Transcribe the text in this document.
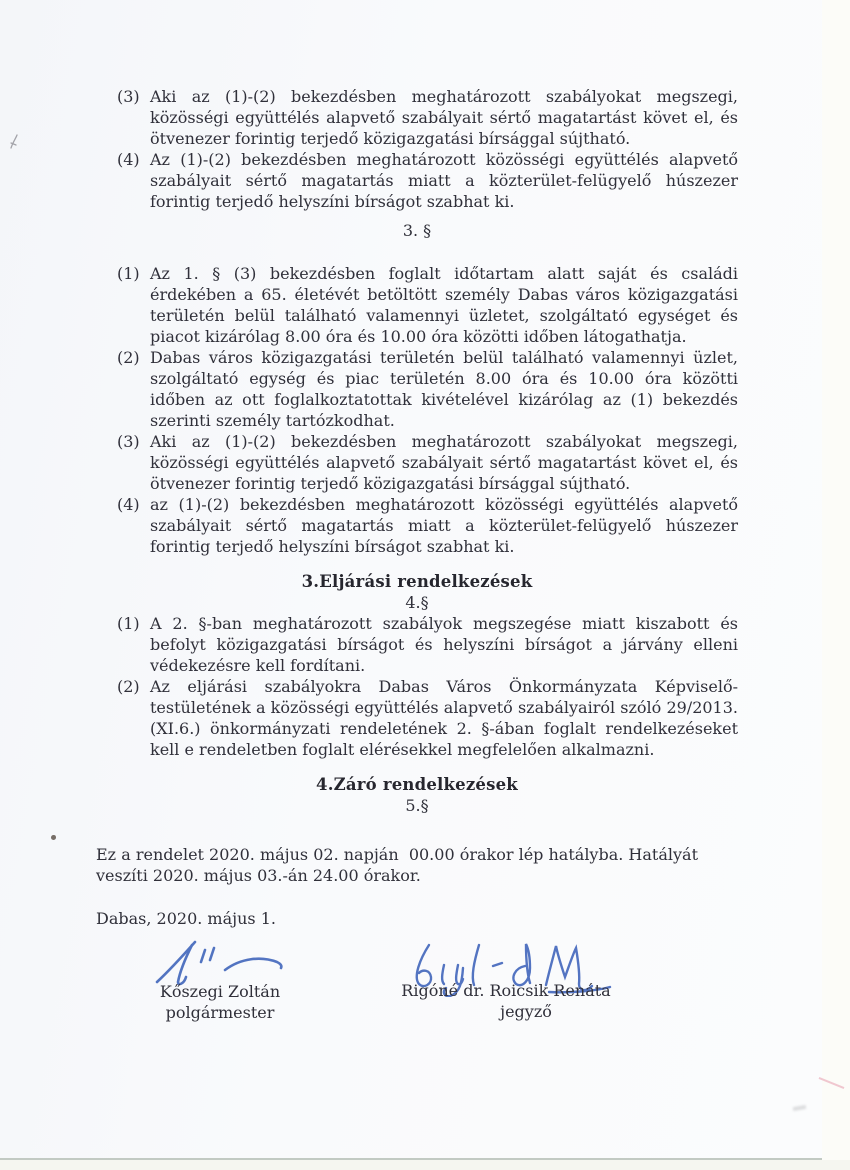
(3) Aki az (1)-(2) bekezdésben meghatározott szabályokat megszegi, közösségi együttélés alapvető szabályait sértő magatartást követ el, és ötvenezer forintig terjedő közigazgatási bírsággal sújtható.
(4) Az (1)-(2) bekezdésben meghatározott közösségi együttélés alapvető szabályait sértő magatartás miatt a közterület-felügyelő húszezer forintig terjedő helyszíni bírságot szabhat ki.
3. §
(1) Az 1. § (3) bekezdésben foglalt időtartam alatt saját és családi érdekében a 65. életévét betöltött személy Dabas város közigazgatási területén belül található valamennyi üzletet, szolgáltató egységet és piacot kizárólag 8.00 óra és 10.00 óra közötti időben látogathatja.
(2) Dabas város közigazgatási területén belül található valamennyi üzlet, szolgáltató egység és piac területén 8.00 óra és 10.00 óra közötti időben az ott foglalkoztatottak kivételével kizárólag az (1) bekezdés szerinti személy tartózkodhat.
(3) Aki az (1)-(2) bekezdésben meghatározott szabályokat megszegi, közösségi együttélés alapvető szabályait sértő magatartást követ el, és ötvenezer forintig terjedő közigazgatási bírsággal sújtható.
(4) az (1)-(2) bekezdésben meghatározott közösségi együttélés alapvető szabályait sértő magatartás miatt a közterület-felügyelő húszezer forintig terjedő helyszíni bírságot szabhat ki.
3.Eljárási rendelkezések
4.§
(1) A 2. §-ban meghatározott szabályok megszegése miatt kiszabott és befolyt közigazgatási bírságot és helyszíni bírságot a járvány elleni védekezésre kell fordítani.
(2) Az eljárási szabályokra Dabas Város Önkormányzata Képviselő-testületének a közösségi együttélés alapvető szabályairól szóló 29/2013. (XI.6.) önkormányzati rendeletének 2. §-ában foglalt rendelkezéseket kell e rendeletben foglalt elérésekkel megfelelően alkalmazni.
4.Záró rendelkezések
5.§
Ez a rendelet 2020. május 02. napján  00.00 órakor lép hatályba. Hatályát veszíti 2020. május 03.-án 24.00 órakor.
Dabas, 2020. május 1.
Kőszegi Zoltán
polgármester
Rigóné dr. Roicsik Renáta
jegyző
